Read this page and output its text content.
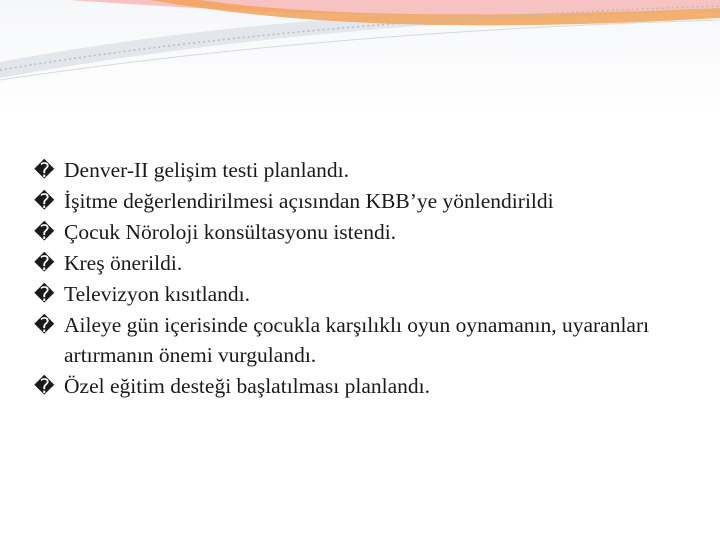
� Denver-II gelişim testi planlandı.
� İşitme değerlendirilmesi açısından KBB’ye yönlendirildi
� Çocuk Nöroloji konsültasyonu istendi.
� Kreş önerildi.
� Televizyon kısıtlandı.
� Aileye gün içerisinde çocukla karşılıklı oyun oynamanın, uyaranları artırmanın önemi vurgulandı.
� Özel eğitim desteği başlatılması planlandı.
